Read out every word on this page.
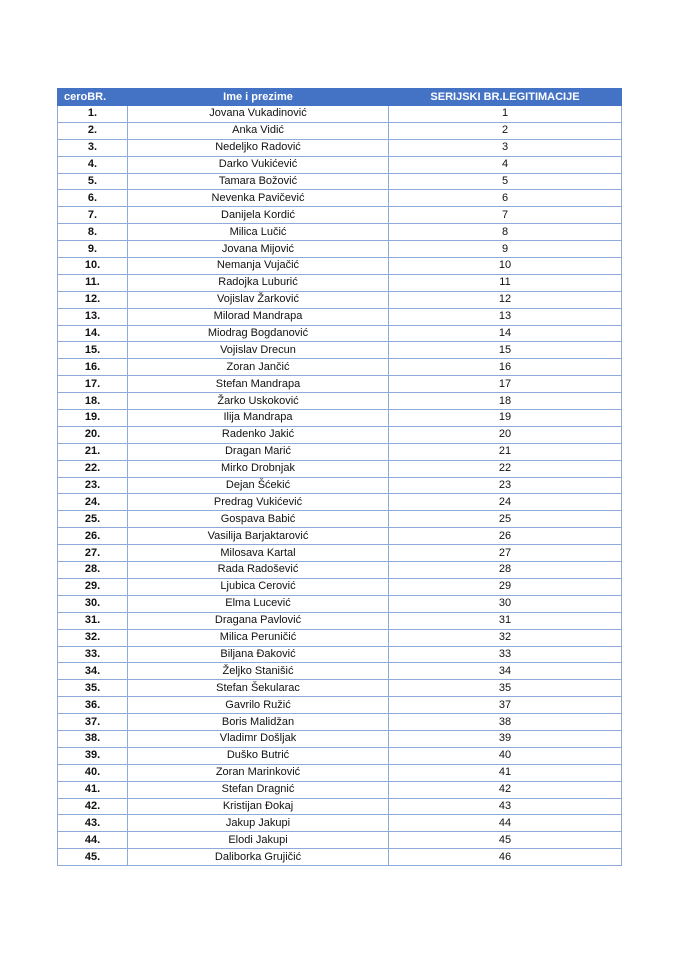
ceroBR.	Ime i prezime	SERIJSKI BR.LEGITIMACIJE
1.	Jovana Vukadinović	1
2.	Anka Vidić	2
3.	Nedeljko Radović	3
4.	Darko Vukićević	4
5.	Tamara Božović	5
6.	Nevenka Pavičević	6
7.	Danijela Kordić	7
8.	Milica Lučić	8
9.	Jovana Mijović	9
10.	Nemanja Vujačić	10
11.	Radojka Luburić	11
12.	Vojislav Žarković	12
13.	Milorad Mandrapa	13
14.	Miodrag Bogdanović	14
15.	Vojislav Drecun	15
16.	Zoran Jančić	16
17.	Stefan Mandrapa	17
18.	Žarko Uskoković	18
19.	Ilija Mandrapa	19
20.	Radenko Jakić	20
21.	Dragan Marić	21
22.	Mirko Drobnjak	22
23.	Dejan Šćekić	23
24.	Predrag Vukićević	24
25.	Gospava Babić	25
26.	Vasilija Barjaktarović	26
27.	Milosava Kartal	27
28.	Rada Radošević	28
29.	Ljubica Cerović	29
30.	Elma Lucević	30
31.	Dragana Pavlović	31
32.	Milica Peruničić	32
33.	Biljana Đaković	33
34.	Željko Stanišić	34
35.	Stefan Šekularac	35
36.	Gavrilo Ružić	37
37.	Boris Malidžan	38
38.	Vladimr Došljak	39
39.	Duško Butrić	40
40.	Zoran Marinković	41
41.	Stefan Dragnić	42
42.	Kristijan Đokaj	43
43.	Jakup Jakupi	44
44.	Elodi Jakupi	45
45.	Daliborka Grujičić	46
